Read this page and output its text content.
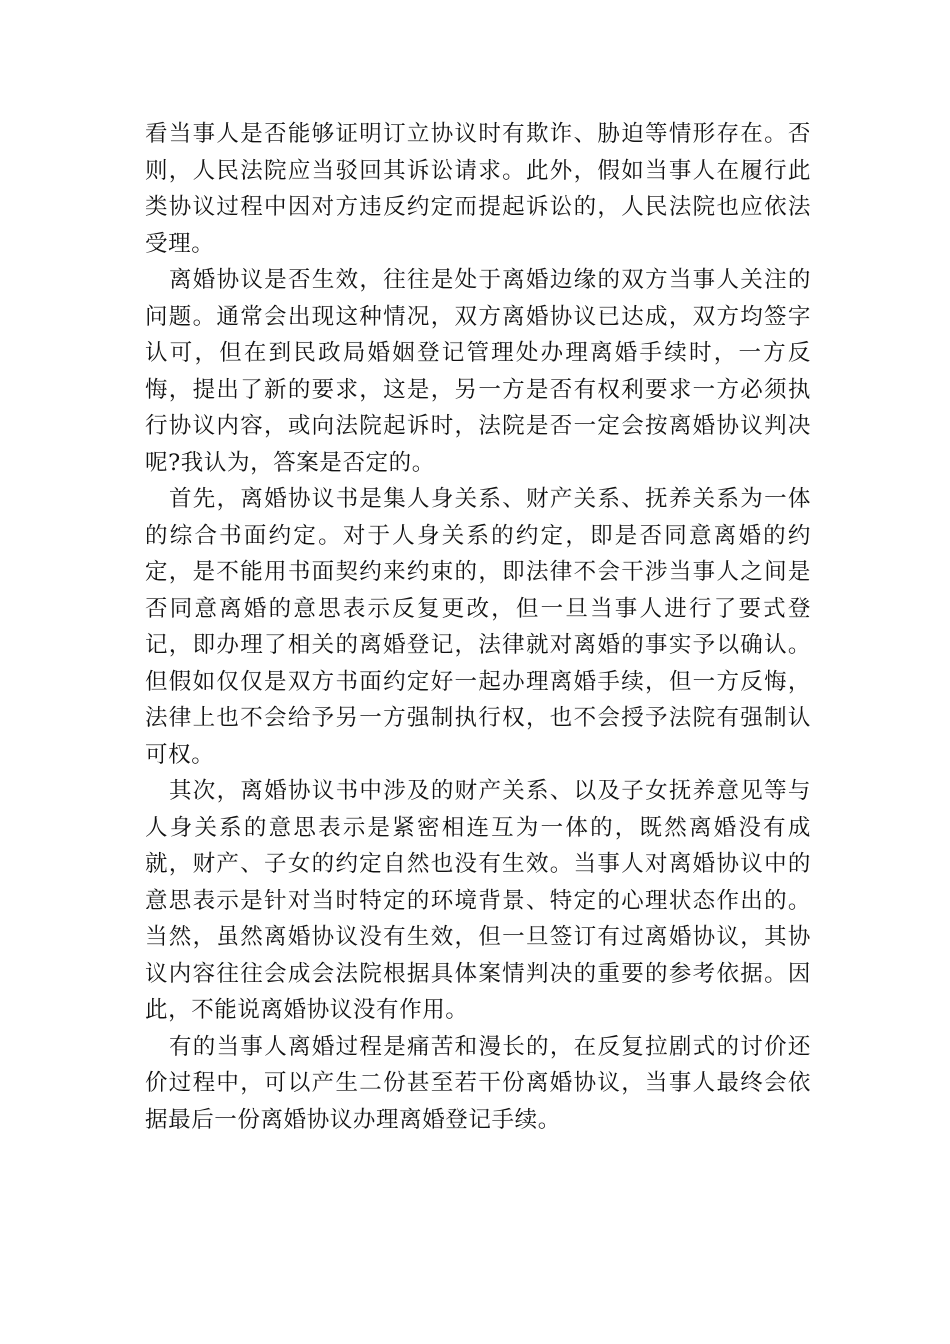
看当事人是否能够证明订立协议时有欺诈、胁迫等情形存在。否则，人民法院应当驳回其诉讼请求。此外，假如当事人在履行此类协议过程中因对方违反约定而提起诉讼的，人民法院也应依法受理。

离婚协议是否生效，往往是处于离婚边缘的双方当事人关注的问题。通常会出现这种情况，双方离婚协议已达成，双方均签字认可，但在到民政局婚姻登记管理处办理离婚手续时，一方反悔，提出了新的要求，这是，另一方是否有权利要求一方必须执行协议内容，或向法院起诉时，法院是否一定会按离婚协议判决呢?我认为，答案是否定的。

首先，离婚协议书是集人身关系、财产关系、抚养关系为一体的综合书面约定。对于人身关系的约定，即是否同意离婚的约定，是不能用书面契约来约束的，即法律不会干涉当事人之间是否同意离婚的意思表示反复更改，但一旦当事人进行了要式登记，即办理了相关的离婚登记，法律就对离婚的事实予以确认。但假如仅仅是双方书面约定好一起办理离婚手续，但一方反悔，法律上也不会给予另一方强制执行权，也不会授予法院有强制认可权。

其次，离婚协议书中涉及的财产关系、以及子女抚养意见等与人身关系的意思表示是紧密相连互为一体的，既然离婚没有成就，财产、子女的约定自然也没有生效。当事人对离婚协议中的意思表示是针对当时特定的环境背景、特定的心理状态作出的。当然，虽然离婚协议没有生效，但一旦签订有过离婚协议，其协议内容往往会成会法院根据具体案情判决的重要的参考依据。因此，不能说离婚协议没有作用。

有的当事人离婚过程是痛苦和漫长的，在反复拉剧式的讨价还价过程中，可以产生二份甚至若干份离婚协议，当事人最终会依据最后一份离婚协议办理离婚登记手续。
